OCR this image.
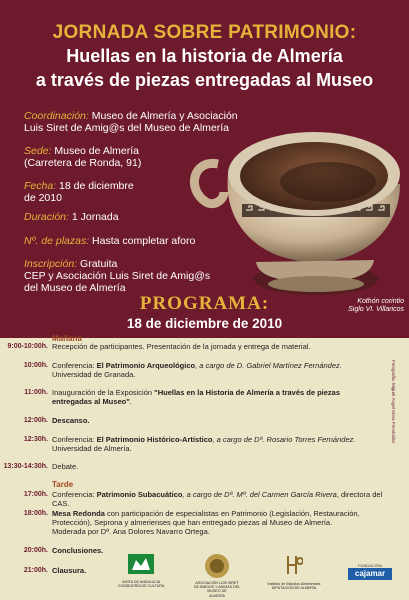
JORNADA SOBRE PATRIMONIO:
Huellas en la historia de Almería
a través de piezas entregadas al Museo
Coordinación: Museo de Almería y Asociación
Luis Siret de Amig@s del Museo de Almería
Sede: Museo de Almería
(Carretera de Ronda, 91)
Fecha: 18 de diciembre
de 2010
Duración: 1 Jornada
Nº. de plazas: Hasta completar aforo
Inscripción: Gratuita
CEP y Asociación Luis Siret de Amig@s
del Museo de Almería
Kothón corintio
Siglo VI. Villaricos
Fotografía: Miguel Ángel Mora Fernández
PROGRAMA:
18 de diciembre de 2010
Mañana
9:00-10:00h. Recepción de participantes. Presentación de la jornada y entrega de material.
10:00h. Conferencia: El Patrimonio Arqueológico, a cargo de D. Gabriel Martínez Fernández.
Universidad de Granada.
11:00h. Inauguración de la Exposición "Huellas en la Historia de Almería a través de piezas
entregadas al Museo".
12:00h. Descanso.
12:30h. Conferencia: El Patrimonio Histórico-Artístico, a cargo de Dª. Rosario Torres Fernández.
Universidad de Almería.
13:30-14:30h. Debate.
Tarde
17:00h. Conferencia: Patrimonio Subacuático, a cargo de Dª. Mª. del Carmen García Rivera, directora del CAS.
18:00h. Mesa Redonda con participación de especialistas en Patrimonio (Legislación, Restauración,
Protección), Seprona y almerienses que han entregado piezas al Museo de Almería.
Moderada por Dª. Ana Dolores Navarro Ortega.
20:00h. Conclusiones.
21:00h. Clausura.
JUNTA DE ANDALUCIA
CONSEJERÍA DE CULTURA
ASOCIACIÓN LUIS SIRET
DE AMIGOS Y AMIGAS DEL MUSEO DE
ALMERÍA
Instituto de Estudios Almerienses
DIPUTACIÓN DE ALMERÍA
FUNDACIÓN
cajamar
